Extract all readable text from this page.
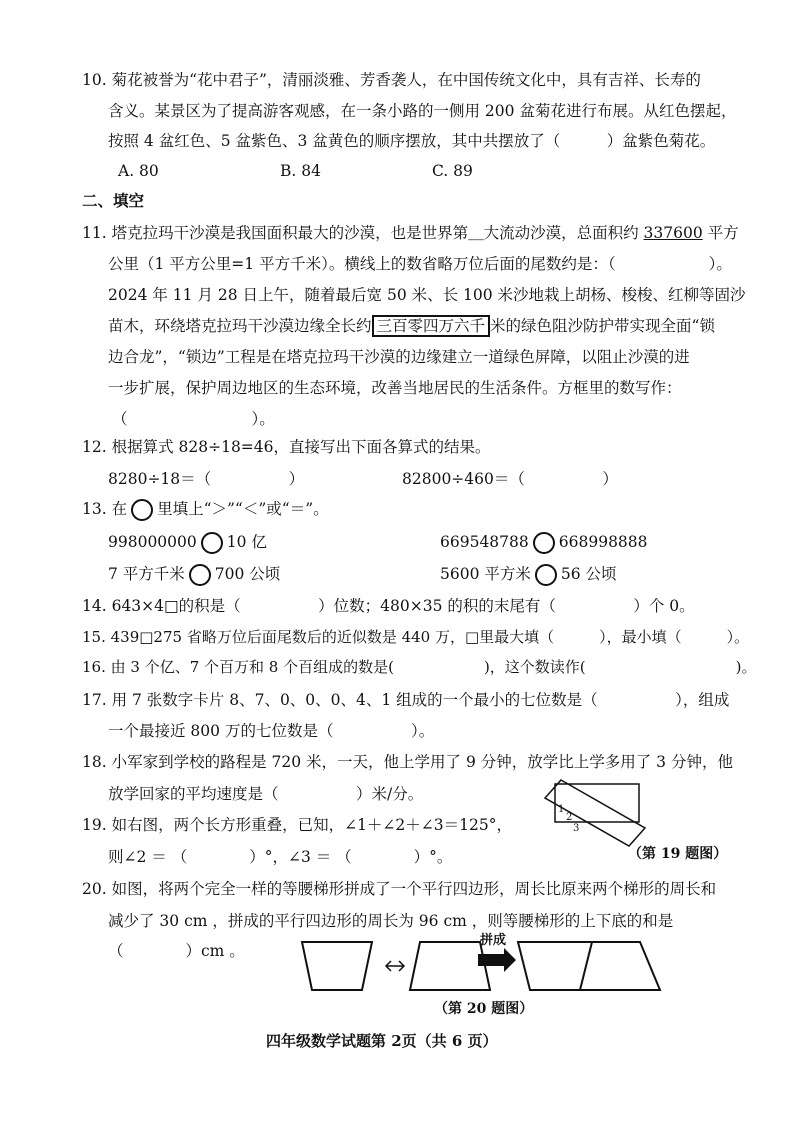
10. 菊花被誉为“花中君子”，清丽淡雅、芳香袭人，在中国传统文化中，具有吉祥、长寿的
含义。某景区为了提高游客观感，在一条小路的一侧用 200 盆菊花进行布展。从红色摆起，
按照 4 盆红色、5 盆紫色、3 盆黄色的顺序摆放，其中共摆放了（　　　）盆紫色菊花。
A. 80	B. 84	C. 89
二、填空
11. 塔克拉玛干沙漠是我国面积最大的沙漠，也是世界第＿大流动沙漠，总面积约 337600 平方
公里（1 平方公里=1 平方千米）。横线上的数省略万位后面的尾数约是：（　　　　　　）。
2024 年 11 月 28 日上午，随着最后宽 50 米、长 100 米沙地栽上胡杨、梭梭、红柳等固沙
苗木，环绕塔克拉玛干沙漠边缘全长约 三百零四万六千 米的绿色阻沙防护带实现全面“锁
边合龙”，“锁边”工程是在塔克拉玛干沙漠的边缘建立一道绿色屏障，以阻止沙漠的进
一步扩展，保护周边地区的生态环境，改善当地居民的生活条件。方框里的数写作：
（　　　　　　　　）。
12. 根据算式 828÷18=46，直接写出下面各算式的结果。
8280÷18＝（　　　　　）	82800÷460＝（　　　　　）
13. 在 里填上“＞”“＜”或“＝”。
998000000 10 亿	669548788 668998888
7 平方千米 700 公顷	5600 平方米 56 公顷
14. 643×4□的积是（　　　　　）位数；480×35 的积的末尾有（　　　　　）个 0。
15. 439□275 省略万位后面尾数后的近似数是 440 万，□里最大填（　　　），最小填（　　　）。
16. 由 3 个亿、7 个百万和 8 个百组成的数是(　　　　　　)，这个数读作(　　　　　　　　　　)。
17. 用 7 张数字卡片 8、7、0、0、0、4、1 组成的一个最小的七位数是（　　　　　），组成
一个最接近 800 万的七位数是（　　　　　）。
18. 小军家到学校的路程是 720 米，一天，他上学用了 9 分钟，放学比上学多用了 3 分钟，他
放学回家的平均速度是（　　　　　）米/分。
19. 如右图，两个长方形重叠，已知，∠1＋∠2＋∠3＝125°，
则∠2 ＝ （　　　　）°，∠3 ＝ （　　　　）°。
1
2
3
（第 19 题图）
20. 如图，将两个完全一样的等腰梯形拼成了一个平行四边形，周长比原来两个梯形的周长和
减少了 30 cm ，拼成的平行四边形的周长为 96 cm ，则等腰梯形的上下底的和是
（　　　　）cm 。
拼成
（第 20 题图）
四年级数学试题第 2页（共 6 页）
